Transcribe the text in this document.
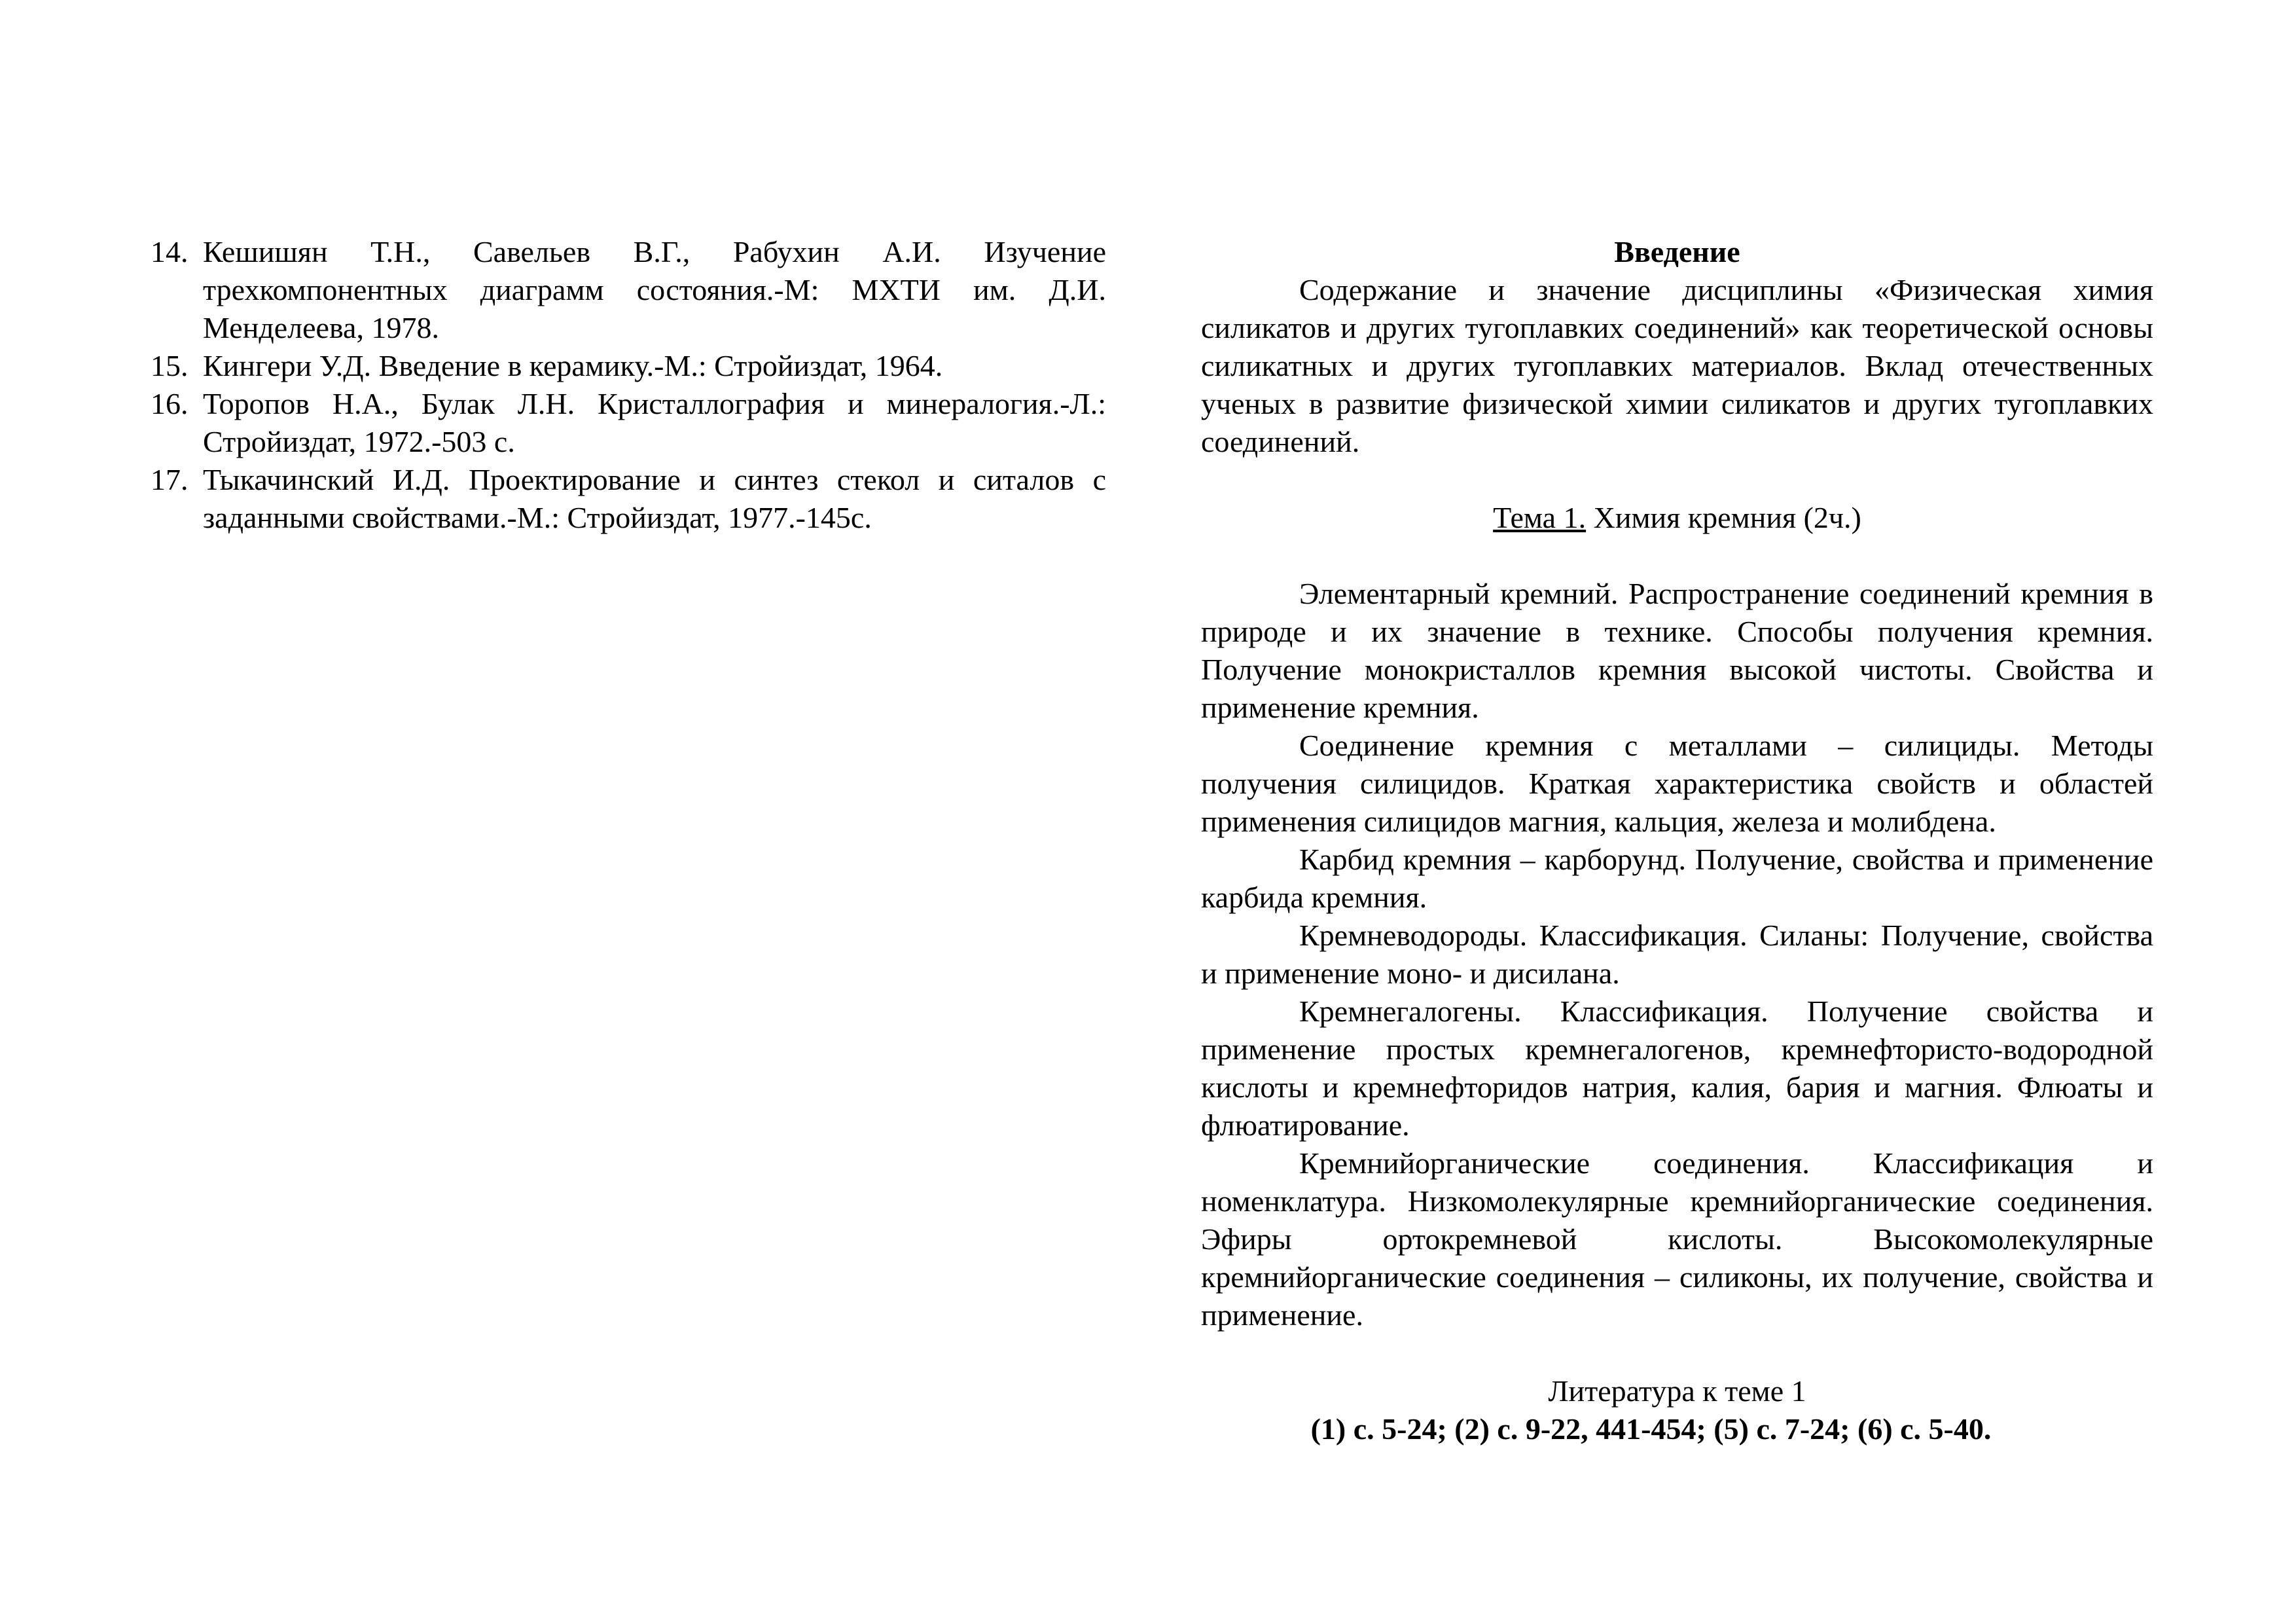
14. Кешишян Т.Н., Савельев В.Г., Рабухин А.И. Изучение трехкомпонентных диаграмм состояния.-М: МХТИ им. Д.И. Менделеева, 1978.
15. Кингери У.Д. Введение в керамику.-М.: Стройиздат, 1964.
16. Торопов Н.А., Булак Л.Н. Кристаллография и минералогия.-Л.: Стройиздат, 1972.-503 с.
17. Тыкачинский И.Д. Проектирование и синтез стекол и ситалов с заданными свойствами.-М.: Стройиздат, 1977.-145с.

Введение

Содержание и значение дисциплины «Физическая химия силикатов и других тугоплавких соединений» как теоретической основы силикатных и других тугоплавких материалов. Вклад отечественных ученых в развитие физической химии силикатов и других тугоплавких соединений.

Тема 1. Химия кремния (2ч.)

Элементарный кремний. Распространение соединений кремния в природе и их значение в технике. Способы получения кремния. Получение монокристаллов кремния высокой чистоты. Свойства и применение кремния.

Соединение кремния с металлами – силициды. Методы получения силицидов. Краткая характеристика свойств и областей применения силицидов магния, кальция, железа и молибдена.

Карбид кремния – карборунд. Получение, свойства и применение карбида кремния.

Кремневодороды. Классификация. Силаны: Получение, свойства и применение моно- и дисилана.

Кремнегалогены. Классификация. Получение свойства и применение простых кремнегалогенов, кремнефтористо-водородной кислоты и кремнефторидов натрия, калия, бария и магния. Флюаты и флюатирование.

Кремнийорганические соединения. Классификация и номенклатура. Низкомолекулярные кремнийорганические соединения. Эфиры ортокремневой кислоты. Высокомолекулярные кремнийорганические соединения – силиконы, их получение, свойства и применение.

Литература к теме 1

(1) с. 5-24; (2) с. 9-22, 441-454; (5) с. 7-24; (6) с. 5-40.
